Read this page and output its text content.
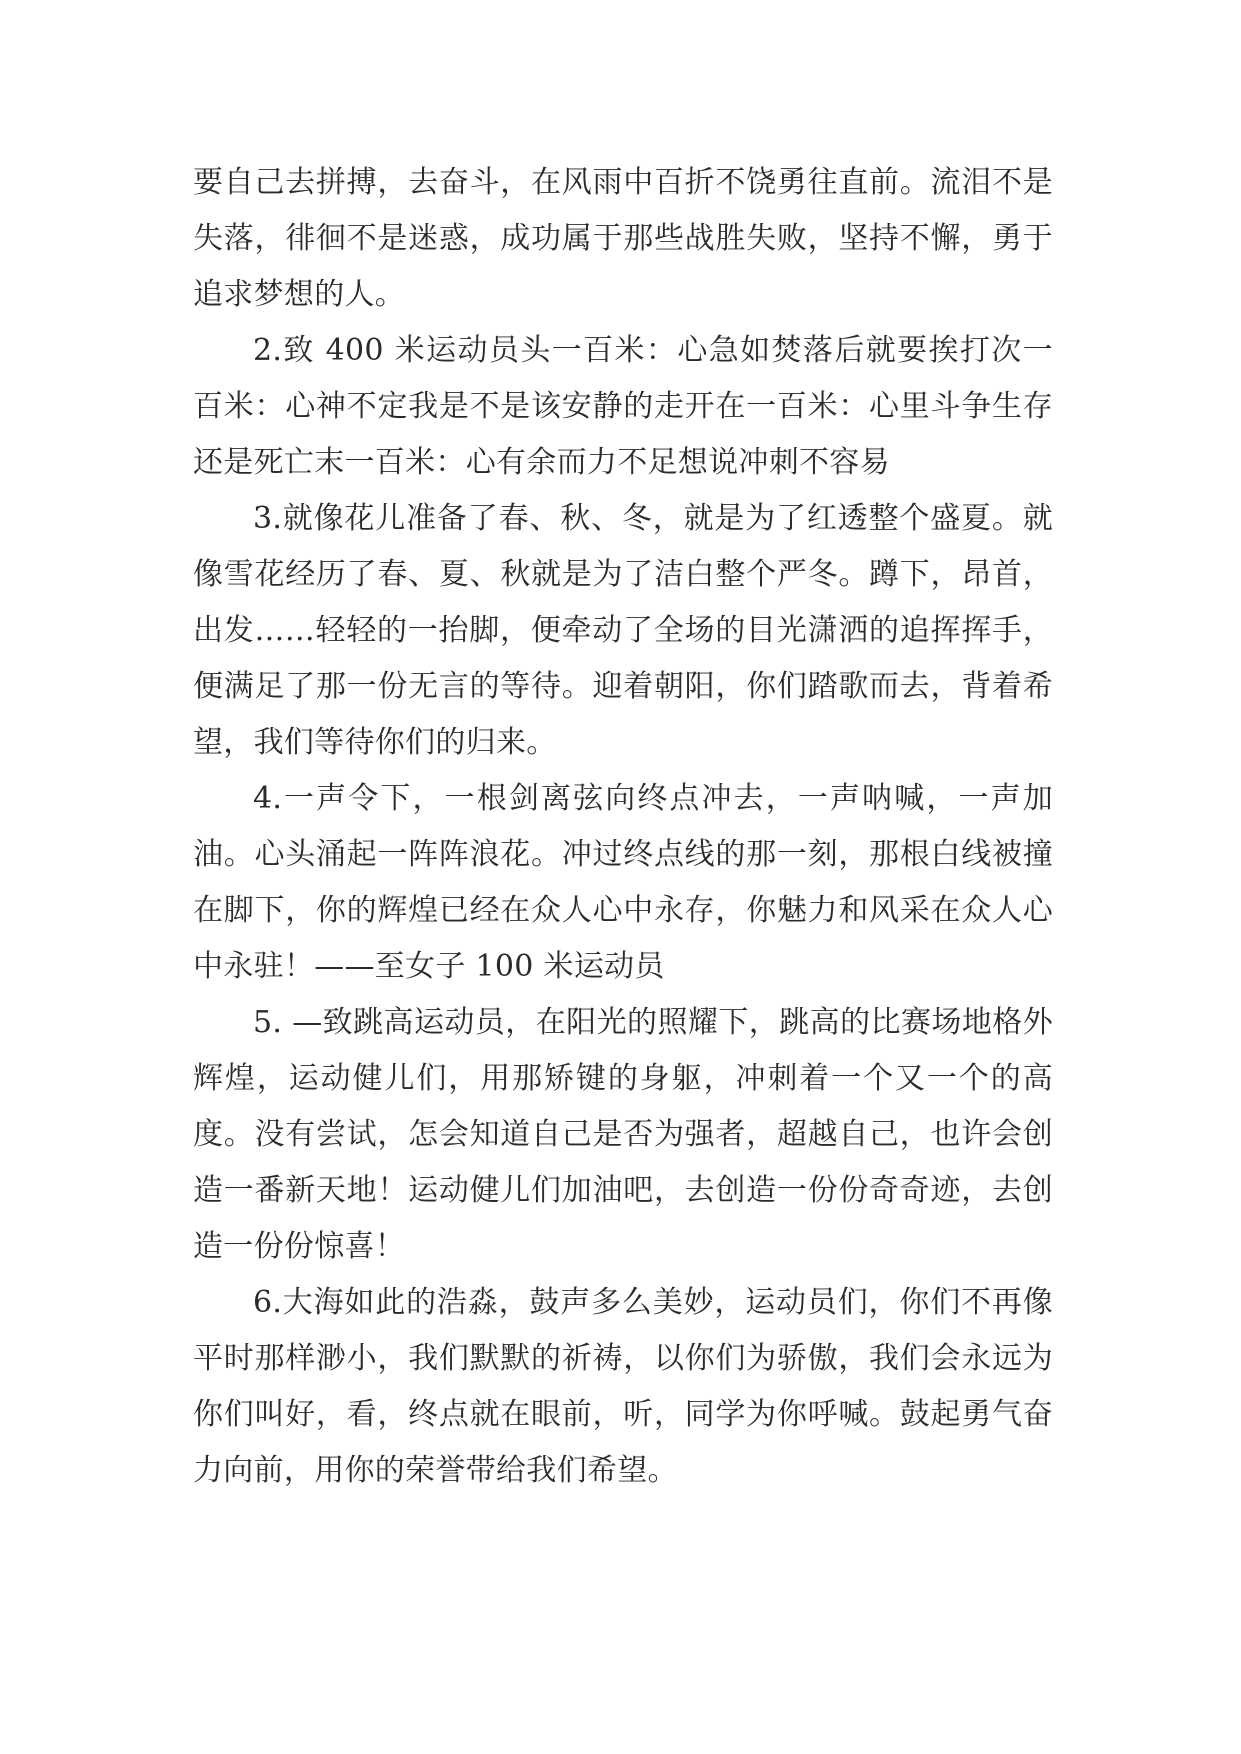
要自己去拼搏，去奋斗，在风雨中百折不饶勇往直前。流泪不是失落，徘徊不是迷惑，成功属于那些战胜失败，坚持不懈，勇于追求梦想的人。

2.致 400 米运动员头一百米：心急如焚落后就要挨打次一百米：心神不定我是不是该安静的走开在一百米：心里斗争生存还是死亡末一百米：心有余而力不足想说冲刺不容易

3.就像花儿准备了春、秋、冬，就是为了红透整个盛夏。就像雪花经历了春、夏、秋就是为了洁白整个严冬。蹲下，昂首，出发……轻轻的一抬脚，便牵动了全场的目光潇洒的追挥挥手，便满足了那一份无言的等待。迎着朝阳，你们踏歌而去，背着希望，我们等待你们的归来。

4.一声令下，一根剑离弦向终点冲去，一声呐喊，一声加油。心头涌起一阵阵浪花。冲过终点线的那一刻，那根白线被撞在脚下，你的辉煌已经在众人心中永存，你魅力和风采在众人心中永驻！——至女子 100 米运动员

5. —致跳高运动员，在阳光的照耀下，跳高的比赛场地格外辉煌，运动健儿们，用那矫键的身躯，冲刺着一个又一个的高度。没有尝试，怎会知道自己是否为强者，超越自己，也许会创造一番新天地！运动健儿们加油吧，去创造一份份奇奇迹，去创造一份份惊喜！

6.大海如此的浩淼，鼓声多么美妙，运动员们，你们不再像平时那样渺小，我们默默的祈祷，以你们为骄傲，我们会永远为你们叫好，看，终点就在眼前，听，同学为你呼喊。鼓起勇气奋力向前，用你的荣誉带给我们希望。
